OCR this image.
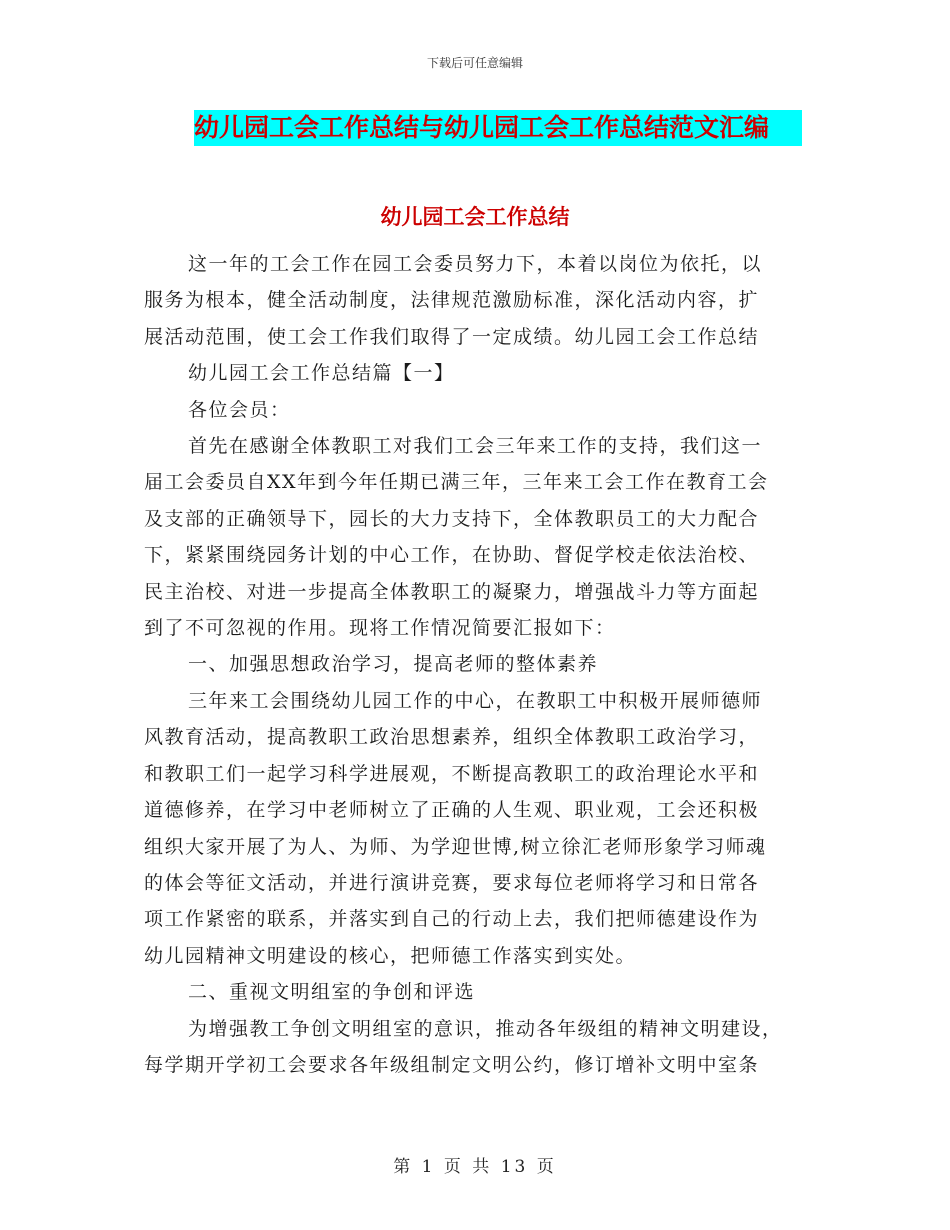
下载后可任意编辑
幼儿园工会工作总结与幼儿园工会工作总结范文汇编
幼儿园工会工作总结

这一年的工会工作在园工会委员努力下，本着以岗位为依托，以

服务为根本，健全活动制度，法律规范激励标准，深化活动内容，扩

展活动范围，使工会工作我们取得了一定成绩。幼儿园工会工作总结

幼儿园工会工作总结篇【一】

各位会员：

首先在感谢全体教职工对我们工会三年来工作的支持，我们这一

届工会委员自XX年到今年任期已满三年，三年来工会工作在教育工会

及支部的正确领导下，园长的大力支持下，全体教职员工的大力配合

下，紧紧围绕园务计划的中心工作，在协助、督促学校走依法治校、

民主治校、对进一步提高全体教职工的凝聚力，增强战斗力等方面起

到了不可忽视的作用。现将工作情况简要汇报如下：

一、加强思想政治学习，提高老师的整体素养

三年来工会围绕幼儿园工作的中心，在教职工中积极开展师德师

风教育活动，提高教职工政治思想素养，组织全体教职工政治学习，

和教职工们一起学习科学进展观，不断提高教职工的政治理论水平和

道德修养，在学习中老师树立了正确的人生观、职业观，工会还积极

组织大家开展了为人、为师、为学迎世博,树立徐汇老师形象学习师魂

的体会等征文活动，并进行演讲竞赛，要求每位老师将学习和日常各

项工作紧密的联系，并落实到自己的行动上去，我们把师德建设作为

幼儿园精神文明建设的核心，把师德工作落实到实处。

二、重视文明组室的争创和评选

为增强教工争创文明组室的意识，推动各年级组的精神文明建设，

每学期开学初工会要求各年级组制定文明公约，修订增补文明中室条

第 1 页 共 13 页
